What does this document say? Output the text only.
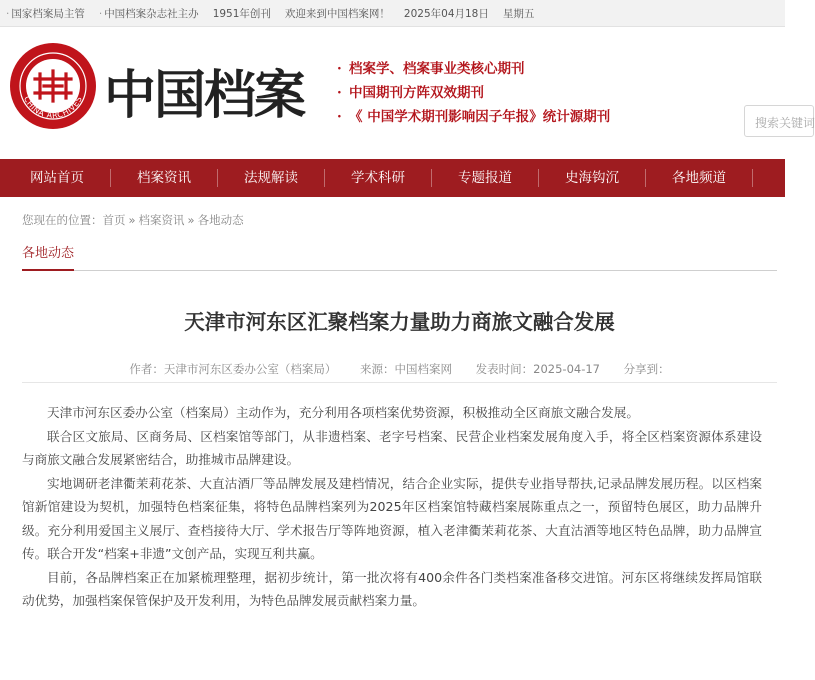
· 国家档案局主管 · 中国档案杂志社主办 1951年创刊 欢迎来到中国档案网！ 2025年04月18日 星期五
CHINA ARCHIVES 中国档案 · 档案学、档案事业类核心期刊
· 中国期刊方阵双效期刊
· 《 中国学术期刊影响因子年报》统计源期刊	搜索关键词
网站首页	档案资讯	法规解读	学术科研	专题报道	史海钩沉	各地频道
您现在的位置：首页 » 档案资讯 » 各地动态
各地动态
天津市河东区汇聚档案力量助力商旅文融合发展
作者：天津市河东区委办公室（档案局） 来源：中国档案网 发表时间：2025-04-17 分享到：

天津市河东区委办公室（档案局）主动作为，充分利用各项档案优势资源，积极推动全区商旅文融合发展。

联合区文旅局、区商务局、区档案馆等部门，从非遗档案、老字号档案、民营企业档案发展角度入手，将全区档案资源体系建设与商旅文融合发展紧密结合，助推城市品牌建设。

实地调研老津衢茉莉花茶、大直沽酒厂等品牌发展及建档情况，结合企业实际，提供专业指导帮扶,记录品牌发展历程。以区档案馆新馆建设为契机，加强特色档案征集，将特色品牌档案列为2025年区档案馆特藏档案展陈重点之一，预留特色展区，助力品牌升级。充分利用爱国主义展厅、查档接待大厅、学术报告厅等阵地资源，植入老津衢茉莉花茶、大直沽酒等地区特色品牌，助力品牌宣传。联合开发“档案+非遗”文创产品，实现互利共赢。

目前，各品牌档案正在加紧梳理整理，据初步统计，第一批次将有400余件各门类档案准备移交进馆。河东区将继续发挥局馆联动优势，加强档案保管保护及开发利用，为特色品牌发展贡献档案力量。
